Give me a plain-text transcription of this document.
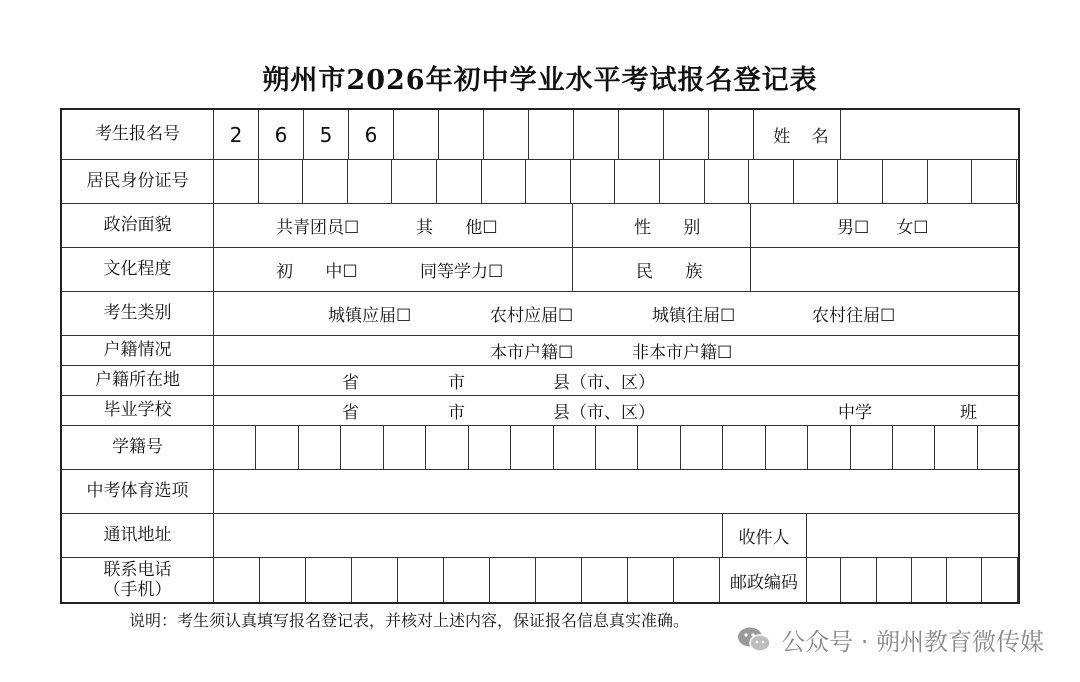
朔州市2026年初中学业水平考试报名登记表
考生报名号	2	6	5	6	姓    名
居民身份证号
政治面貌	共青团员☐	其      他☐	性      别	男☐     女☐
文化程度	初      中☐	同等学力☐	民      族
考生类别	城镇应届☐	农村应届☐	城镇往届☐	农村往届☐
户籍情况	本市户籍☐	非本市户籍☐
户籍所在地	省	市	县（市、区）
毕业学校	省	市	县（市、区）	中学	班
学籍号
中考体育选项
通讯地址	收件人
联系电话
（手机）	邮政编码
说明：考生须认真填写报名登记表，并核对上述内容，保证报名信息真实准确。
公众号 · 朔州教育微传媒
